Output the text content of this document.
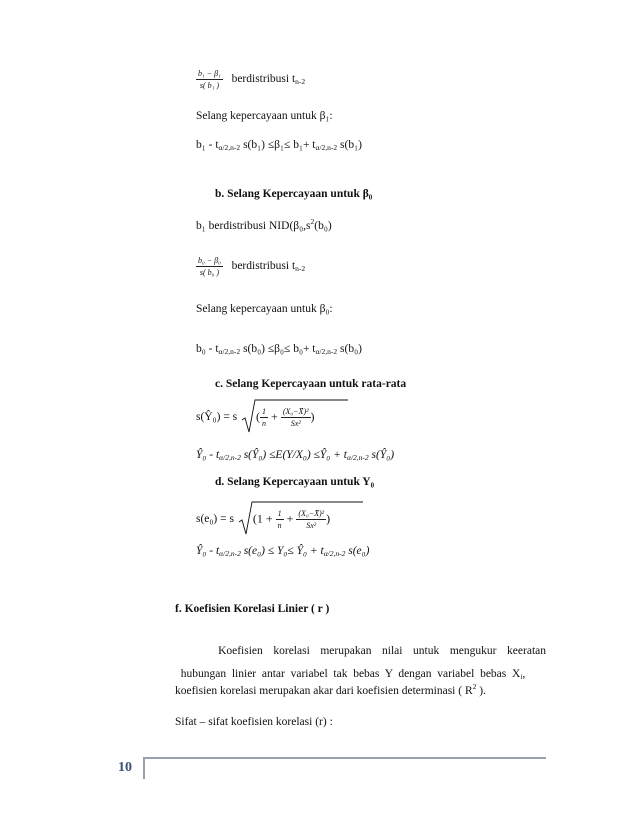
$\frac{\text{b₁ − β₁}}{\text{s( b₁ )}}$ berdistribusi $t_{n-2}$
Selang kepercayaan untuk β₁:
$b_1 - t_{\alpha/2,n-2}$ $s(b_1) \le\beta_1\le b_1+ t_{\alpha/2,n-2}$ s(b₁)
b. Selang Kepercayaan untuk β₀
b₁ berdistribusi $NID(\beta_0,s^2(b_0)$
$\frac{\text{b₀ − β₀}}{\text{s( b₀ )}}$ berdistribusi $t_{n-2}$
Selang kepercayaan untuk β₀:
$b_0 - t_{\alpha/2,n-2}$ $s(b_0) \le\beta_0\le b_0+ t_{\alpha/2,n-2}$ s(b₀)
c. Selang Kepercayaan untuk rata-rata
s(Ŷ₀) = s ( $\frac{1}{n} + \frac{\text{(X₀−X̄)²}}{\text{Sx²}}$ )
Ŷ₀ - $t_{\alpha/2,n-2}$ s(Ŷ₀) ≤E(Y/X₀) ≤Ŷ₀ + $t_{\alpha/2,n-2}$ s(Ŷ₀)
d. Selang Kepercayaan untuk Y₀
s(e₀) = s ($1 + \frac{1}{n} + \frac{\text{(X₀−X̄)²}}{\text{Sx²}}$ )
Ŷ₀ - $t_{\alpha/2,n-2}$ s(e₀) ≤ Y₀≤ Ŷ₀ + $t_{\alpha/2,n-2}$ s(e₀)
f. Koefisien Korelasi Linier ( r )

Koefisien   korelasi   merupakan   nilai   untuk   mengukur   keeratan

hubungan  linier  antar  variabel  tak  bebas  Y  dengan  variabel  bebas  $X_i$,

koefisien korelasi merupakan akar dari koefisien determinasi ( $R^2$ ).
Sifat – sifat koefisien korelasi (r) :
10
